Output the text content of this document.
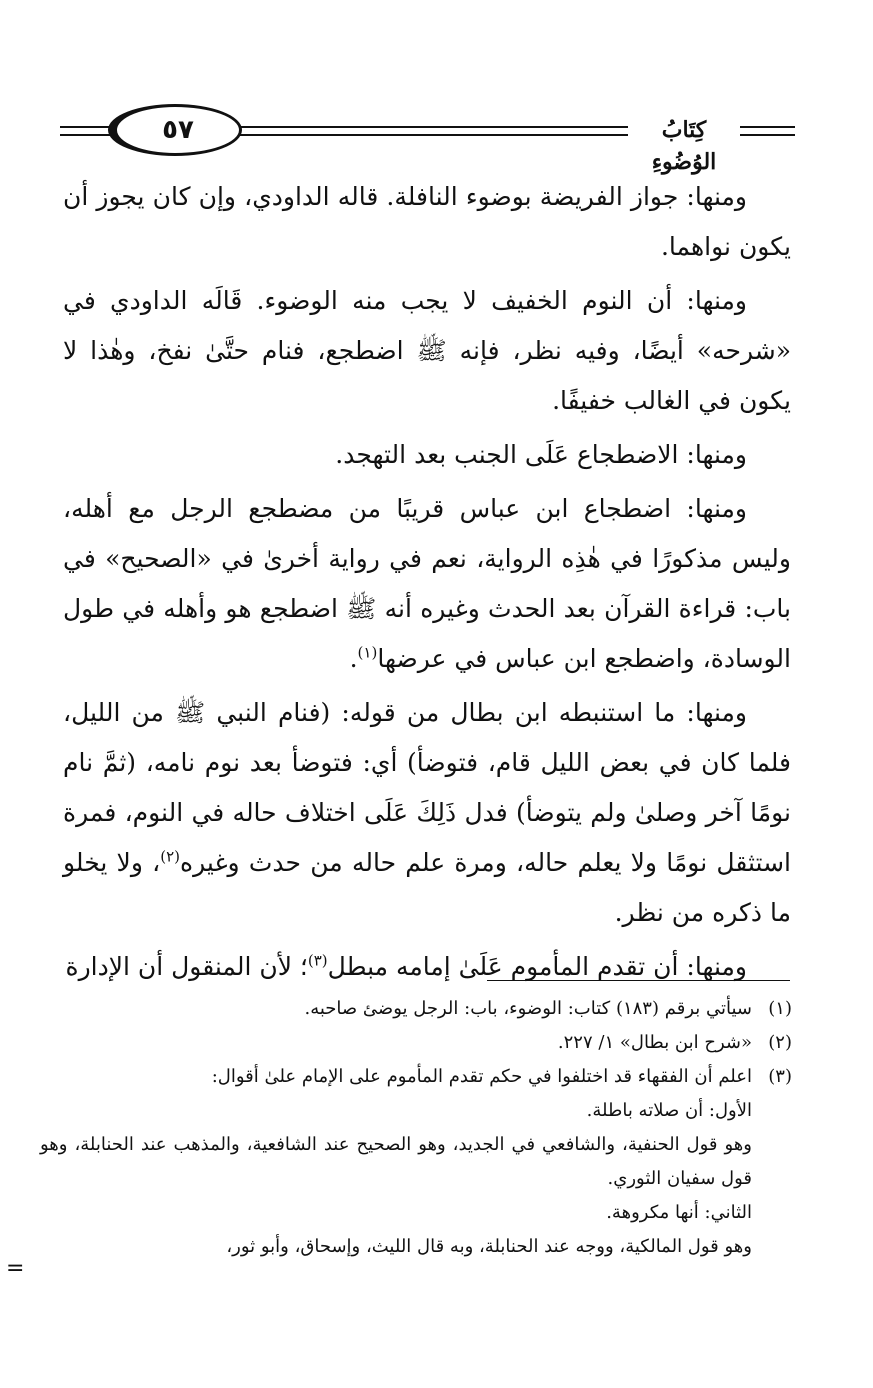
٥٧	كِتَابُ الوُضُوءِ

ومنها: جواز الفريضة بوضوء النافلة. قاله الداودي، وإن كان يجوز أن يكون نواهما.

ومنها: أن النوم الخفيف لا يجب منه الوضوء. قَالَه الداودي في «شرحه» أيضًا، وفيه نظر، فإنه ﷺ اضطجع، فنام حتَّىٰ نفخ، وهٰذا لا يكون في الغالب خفيفًا.

ومنها: الاضطجاع عَلَى الجنب بعد التهجد.

ومنها: اضطجاع ابن عباس قريبًا من مضطجع الرجل مع أهله، وليس مذكورًا في هٰذِه الرواية، نعم في رواية أخرىٰ في «الصحيح» في باب: قراءة القرآن بعد الحدث وغيره أنه ﷺ اضطجع هو وأهله في طول الوسادة، واضطجع ابن عباس في عرضها$^{(١)}$.

ومنها: ما استنبطه ابن بطال من قوله: (فنام النبي ﷺ من الليل، فلما كان في بعض الليل قام، فتوضأ) أي: فتوضأ بعد نوم نامه، (ثمَّ نام نومًا آخر وصلىٰ ولم يتوضأ) فدل ذَلِكَ عَلَى اختلاف حاله في النوم، فمرة استثقل نومًا ولا يعلم حاله، ومرة علم حاله من حدث وغيره$^{(٢)}$، ولا يخلو ما ذكره من نظر.

ومنها: أن تقدم المأموم عَلَىٰ إمامه مبطل$^{(٣)}$؛ لأن المنقول أن الإدارة

(١)
سيأتي برقم (١٨٣) كتاب: الوضوء، باب: الرجل يوضئ صاحبه.
(٢)
«شرح ابن بطال» ١/ ٢٢٧.
(٣)
اعلم أن الفقهاء قد اختلفوا في حكم تقدم المأموم على الإمام علىٰ أقوال:
الأول: أن صلاته باطلة.
وهو قول الحنفية، والشافعي في الجديد، وهو الصحيح عند الشافعية، والمذهب عند الحنابلة، وهو قول سفيان الثوري.
الثاني: أنها مكروهة.
وهو قول المالكية، ووجه عند الحنابلة، وبه قال الليث، وإسحاق، وأبو ثور،
=
